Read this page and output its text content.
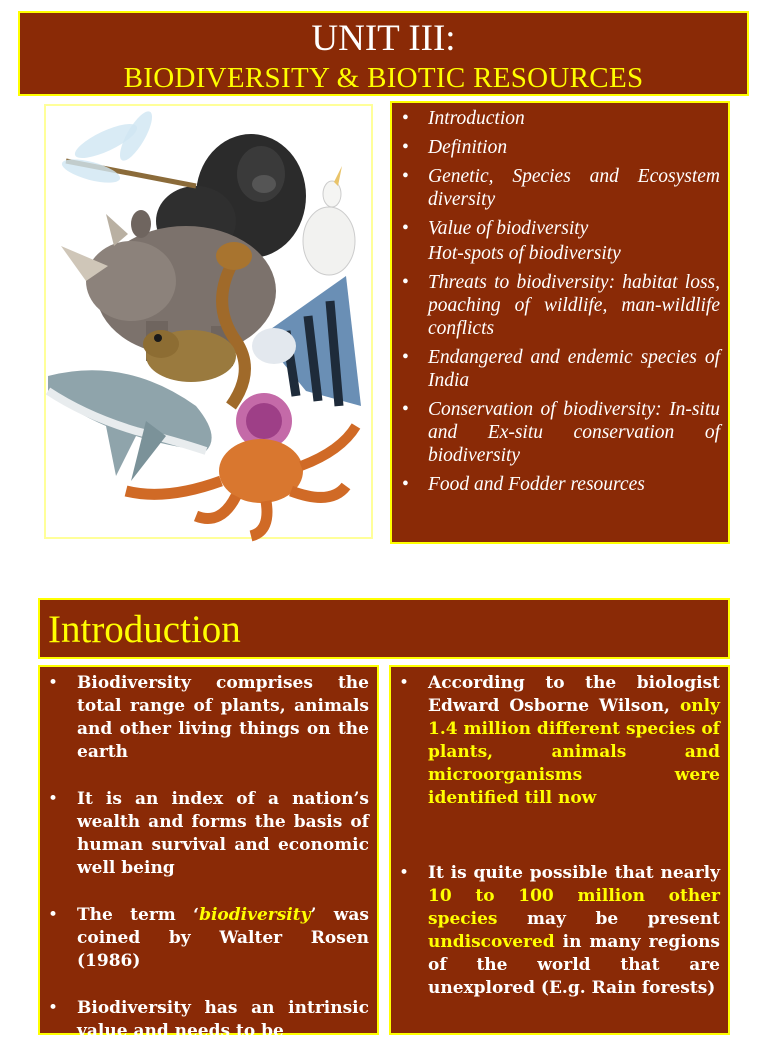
UNIT III:
BIODIVERSITY & BIOTIC RESOURCES
• Introduction
• Definition
• Genetic, Species and Ecosystem diversity
• Value of biodiversity
Hot-spots of biodiversity
• Threats to biodiversity: habitat loss, poaching of wildlife, man-wildlife conflicts
• Endangered and endemic species of India
• Conservation of biodiversity: In-situ and Ex-situ conservation of biodiversity
• Food and Fodder resources
Introduction
• Biodiversity comprises the total range of plants, animals and other living things on the earth
• It is an index of a nation’s wealth and forms the basis of human survival and economic well being
• The term ‘biodiversity’ was coined by Walter Rosen (1986)
• Biodiversity has an intrinsic value and needs to be
• According to the biologist Edward Osborne Wilson, only 1.4 million different species of plants, animals and microorganisms were identified till now
• It is quite possible that nearly 10 to 100 million other species may be present undiscovered in many regions of the world that are unexplored (E.g. Rain forests)
